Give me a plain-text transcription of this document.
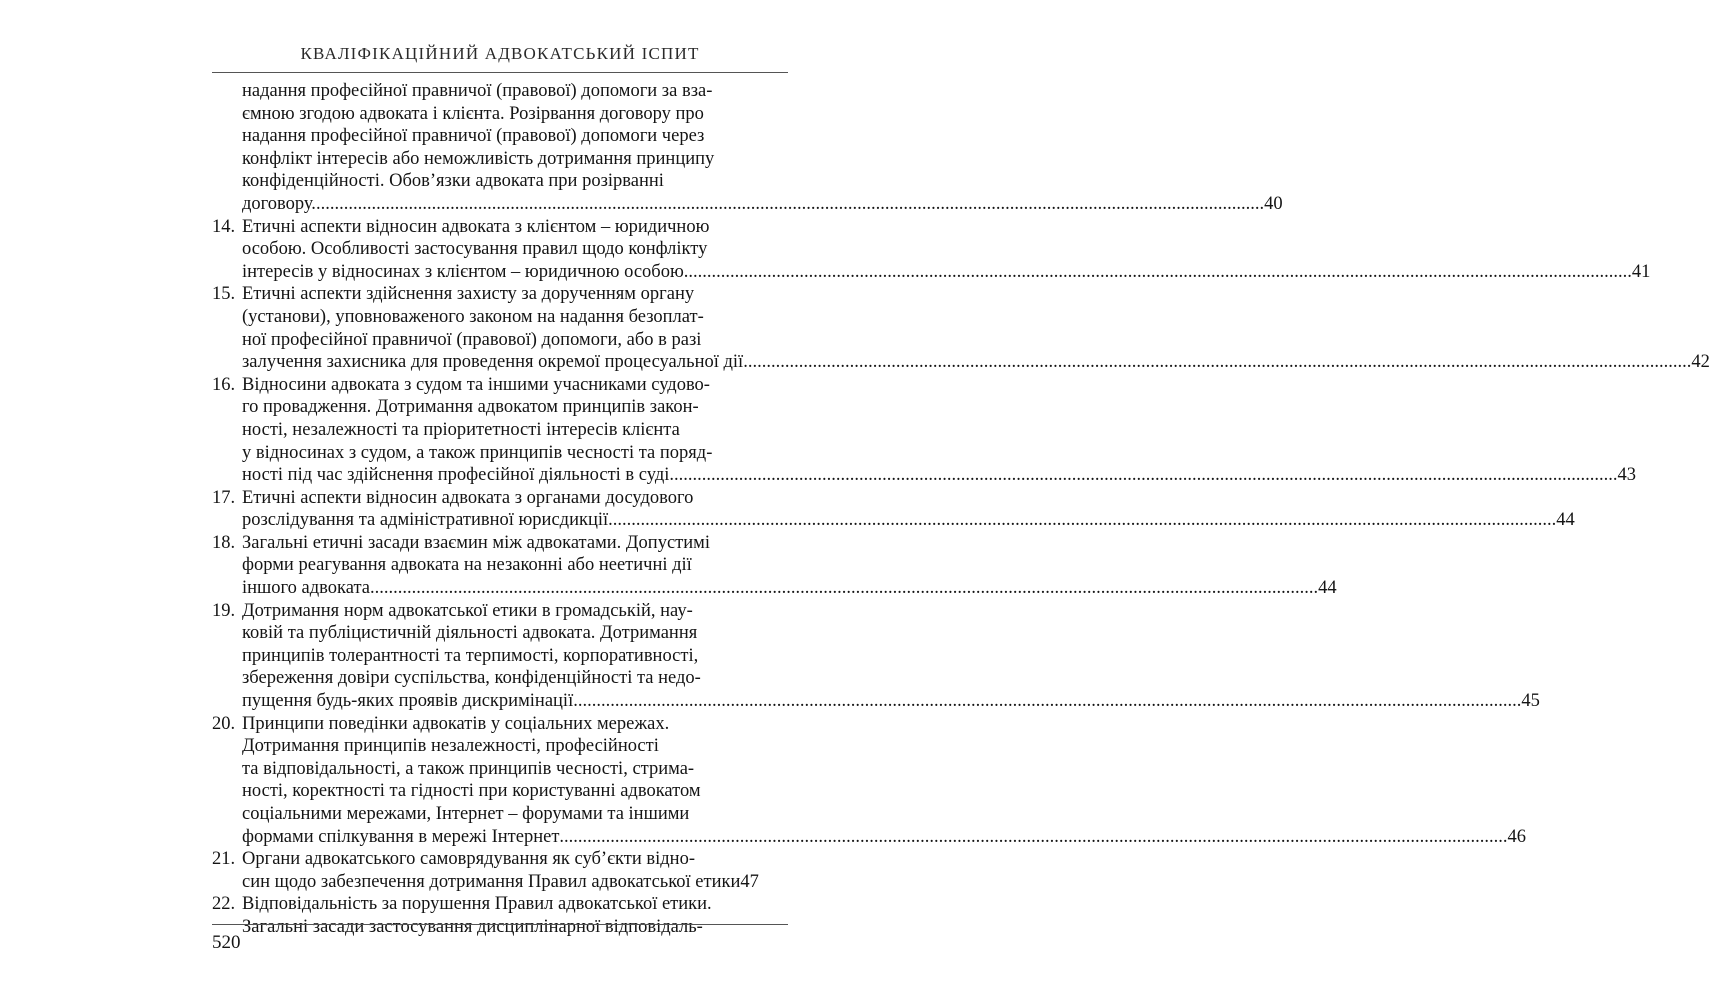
КВАЛІФІКАЦІЙНИЙ АДВОКАТСЬКИЙ ІСПИТ
надання професійної правничої (правової) допомоги за вза-
ємною згодою адвоката і клієнта. Розірвання договору про
надання професійної правничої (правової) допомоги через
конфлікт інтересів або неможливість дотримання принципу
конфіденційності. Обов’язки адвоката при розірванні
договору. .....	40
14. Етичні аспекти відносин адвоката з клієнтом – юридичною
особою. Особливості застосування правил щодо конфлікту
інтересів у відносинах з клієнтом – юридичною особою .....	41
15. Етичні аспекти здійснення захисту за дорученням органу
(установи), уповноваженого законом на надання безоплат-
ної професійної правничої (правової) допомоги, або в разі
залучення захисника для проведення окремої процесуальної дії .....	42
16. Відносини адвоката з судом та іншими учасниками судово-
го провадження. Дотримання адвокатом принципів закон-
ності, незалежності та пріоритетності інтересів клієнта
у відносинах з судом, а також принципів чесності та поряд-
ності під час здійснення професійної діяльності в суді .....	43
17. Етичні аспекти відносин адвоката з органами досудового
розслідування та адміністративної юрисдикції .....	44
18. Загальні етичні засади взаємин між адвокатами. Допустимі
форми реагування адвоката на незаконні або неетичні дії
іншого адвоката .....	44
19. Дотримання норм адвокатської етики в громадській, нау-
ковій та публіцистичній діяльності адвоката. Дотримання
принципів толерантності та терпимості, корпоративності,
збереження довіри суспільства, конфіденційності та недо-
пущення будь-яких проявів дискримінації .....	45
20. Принципи поведінки адвокатів у соціальних мережах.
Дотримання принципів незалежності, професійності
та відповідальності, а також принципів чесності, стрима-
ності, коректності та гідності при користуванні адвокатом
соціальними мережами, Інтернет – форумами та іншими
формами спілкування в мережі Інтернет .....	46
21. Органи адвокатського самоврядування як суб’єкти відно-
син щодо забезпечення дотримання Правил адвокатської етики 47
22. Відповідальність за порушення Правил адвокатської етики.
Загальні засади застосування дисциплінарної відповідаль-
520
